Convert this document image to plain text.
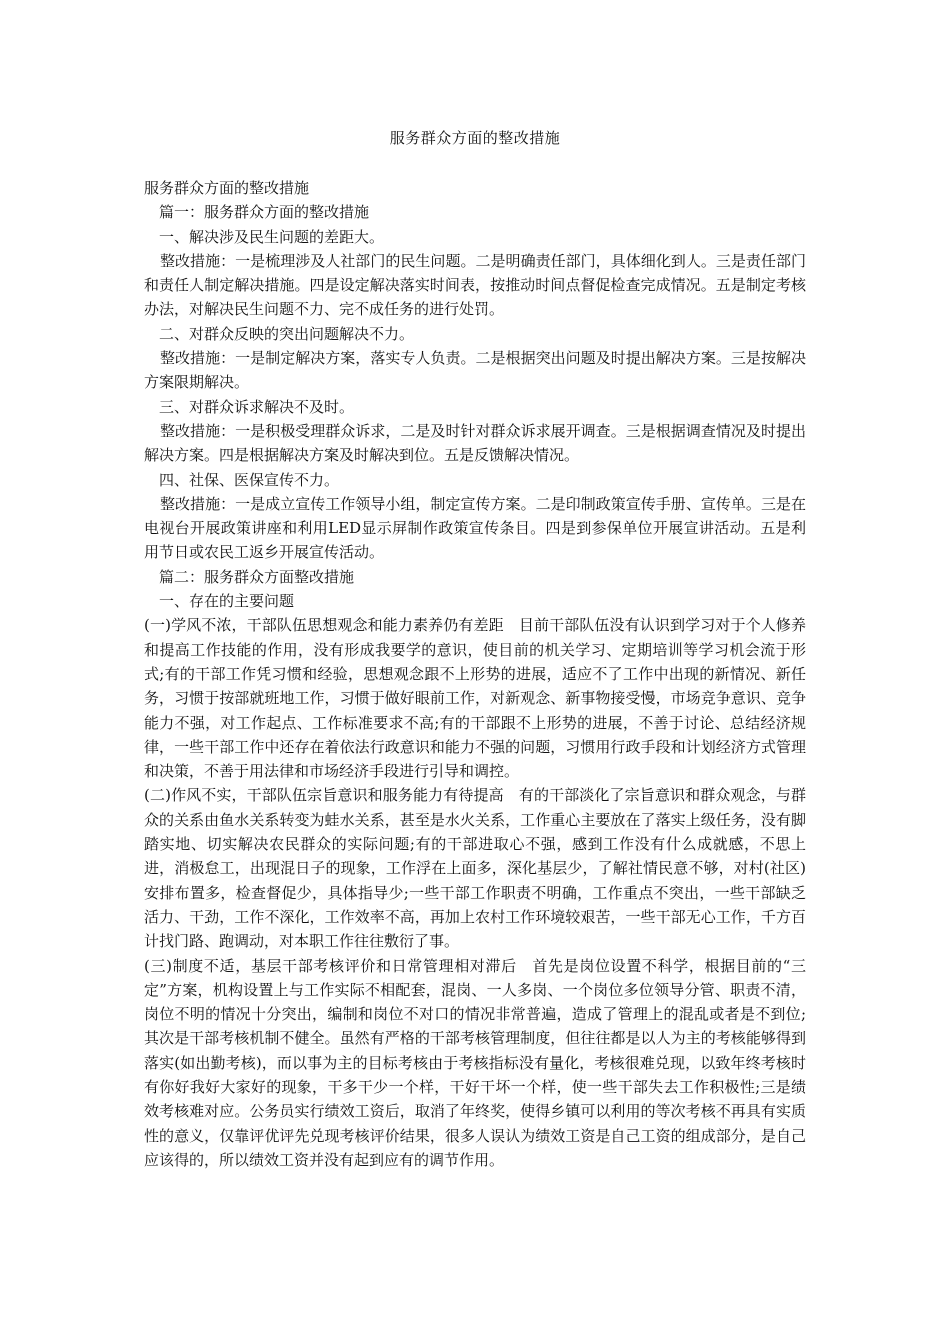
服务群众方面的整改措施

服务群众方面的整改措施

篇一：服务群众方面的整改措施

一、解决涉及民生问题的差距大。

整改措施：一是梳理涉及人社部门的民生问题。二是明确责任部门，具体细化到人。三是责任部门和责任人制定解决措施。四是设定解决落实时间表，按推动时间点督促检查完成情况。五是制定考核办法，对解决民生问题不力、完不成任务的进行处罚。

二、对群众反映的突出问题解决不力。

整改措施：一是制定解决方案，落实专人负责。二是根据突出问题及时提出解决方案。三是按解决方案限期解决。

三、对群众诉求解决不及时。

整改措施：一是积极受理群众诉求，二是及时针对群众诉求展开调查。三是根据调查情况及时提出解决方案。四是根据解决方案及时解决到位。五是反馈解决情况。

四、社保、医保宣传不力。

整改措施：一是成立宣传工作领导小组，制定宣传方案。二是印制政策宣传手册、宣传单。三是在电视台开展政策讲座和利用LED显示屏制作政策宣传条目。四是到参保单位开展宣讲活动。五是利用节日或农民工返乡开展宣传活动。

篇二：服务群众方面整改措施

一、存在的主要问题

(一)学风不浓，干部队伍思想观念和能力素养仍有差距　目前干部队伍没有认识到学习对于个人修养和提高工作技能的作用，没有形成我要学的意识，使目前的机关学习、定期培训等学习机会流于形式;有的干部工作凭习惯和经验，思想观念跟不上形势的进展，适应不了工作中出现的新情况、新任务，习惯于按部就班地工作，习惯于做好眼前工作，对新观念、新事物接受慢，市场竞争意识、竞争能力不强，对工作起点、工作标准要求不高;有的干部跟不上形势的进展，不善于讨论、总结经济规律，一些干部工作中还存在着依法行政意识和能力不强的问题，习惯用行政手段和计划经济方式管理和决策，不善于用法律和市场经济手段进行引导和调控。

(二)作风不实，干部队伍宗旨意识和服务能力有待提高　有的干部淡化了宗旨意识和群众观念，与群众的关系由鱼水关系转变为蛙水关系，甚至是水火关系，工作重心主要放在了落实上级任务，没有脚踏实地、切实解决农民群众的实际问题;有的干部进取心不强，感到工作没有什么成就感，不思上进，消极怠工，出现混日子的现象，工作浮在上面多，深化基层少，了解社情民意不够，对村(社区)安排布置多，检查督促少，具体指导少;一些干部工作职责不明确，工作重点不突出，一些干部缺乏活力、干劲，工作不深化，工作效率不高，再加上农村工作环境较艰苦，一些干部无心工作，千方百计找门路、跑调动，对本职工作往往敷衍了事。

(三)制度不适，基层干部考核评价和日常管理相对滞后　首先是岗位设置不科学，根据目前的“三定”方案，机构设置上与工作实际不相配套，混岗、一人多岗、一个岗位多位领导分管、职责不清，岗位不明的情况十分突出，编制和岗位不对口的情况非常普遍，造成了管理上的混乱或者是不到位;其次是干部考核机制不健全。虽然有严格的干部考核管理制度，但往往都是以人为主的考核能够得到落实(如出勤考核)，而以事为主的目标考核由于考核指标没有量化，考核很难兑现，以致年终考核时有你好我好大家好的现象，干多干少一个样，干好干坏一个样，使一些干部失去工作积极性;三是绩效考核难对应。公务员实行绩效工资后，取消了年终奖，使得乡镇可以利用的等次考核不再具有实质性的意义，仅靠评优评先兑现考核评价结果，很多人误认为绩效工资是自己工资的组成部分，是自己应该得的，所以绩效工资并没有起到应有的调节作用。
